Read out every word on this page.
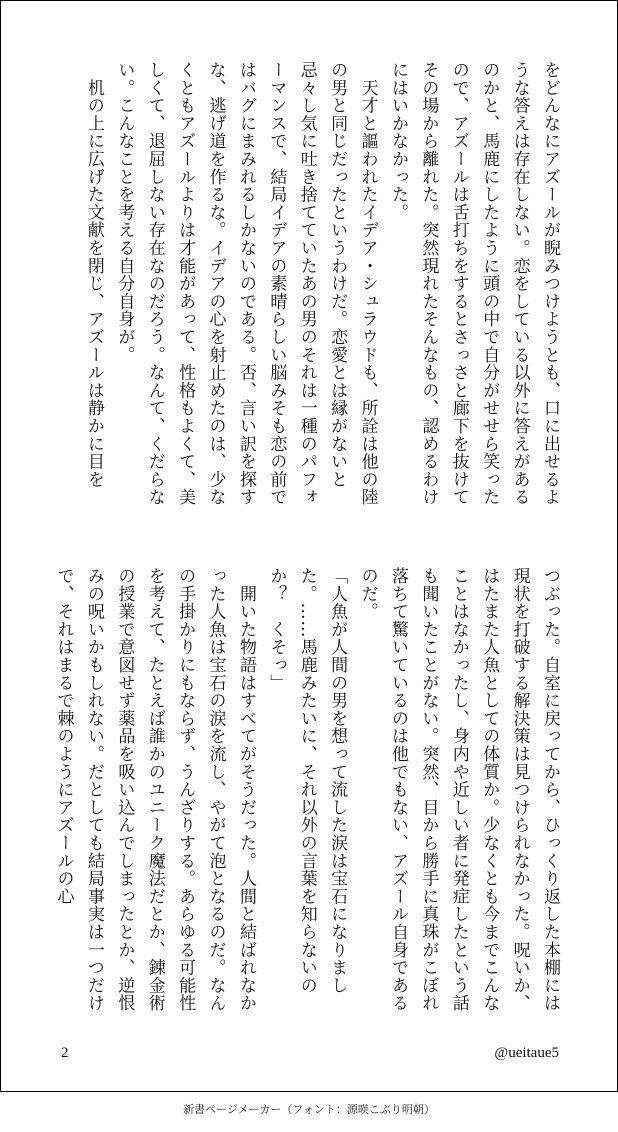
をどんなにアズールが睨みつけようとも、口に出せるような答えは存在しない。恋をしている以外に答えがあるのかと、馬鹿にしたように頭の中で自分がせせら笑ったので、アズールは舌打ちをするとさっさと廊下を抜けてその場から離れた。突然現れたそんなもの、認めるわけにはいかなかった。

　天才と謳われたイデア・シュラウドも、所詮は他の陸の男と同じだったというわけだ。恋愛とは縁がないと忌々し気に吐き捨てていたあの男のそれは一種のパフォーマンスで、結局イデアの素晴らしい脳みそも恋の前ではバグにまみれるしかないのである。否、言い訳を探すな、逃げ道を作るな。イデアの心を射止めたのは、少なくともアズールよりは才能があって、性格もよくて、美しくて、退屈しない存在なのだろう。なんて、くだらない。こんなことを考える自分自身が。

　机の上に広げた文献を閉じ、アズールは静かに目を

つぶった。自室に戻ってから、ひっくり返した本棚には現状を打破する解決策は見つけられなかった。呪いか、はたまた人魚としての体質か。少なくとも今までこんなことはなかったし、身内や近しい者に発症したという話も聞いたことがない。突然、目から勝手に真珠がこぼれ落ちて驚いているのは他でもない、アズール自身であるのだ。

「人魚が人間の男を想って流した涙は宝石になりました。……馬鹿みたいに、それ以外の言葉を知らないのか？　くそっ」

　開いた物語はすべてがそうだった。人間と結ばれなかった人魚は宝石の涙を流し、やがて泡となるのだ。なんの手掛かりにもならず、うんざりする。あらゆる可能性を考えて、たとえば誰かのユニーク魔法だとか、錬金術の授業で意図せず薬品を吸い込んでしまったとか、逆恨みの呪いかもしれない。だとしても結局事実は一つだけで、それはまるで棘のようにアズールの心

2	@ueitaue5
新書ページメーカー（フォント：源暎こぶり明朝）
